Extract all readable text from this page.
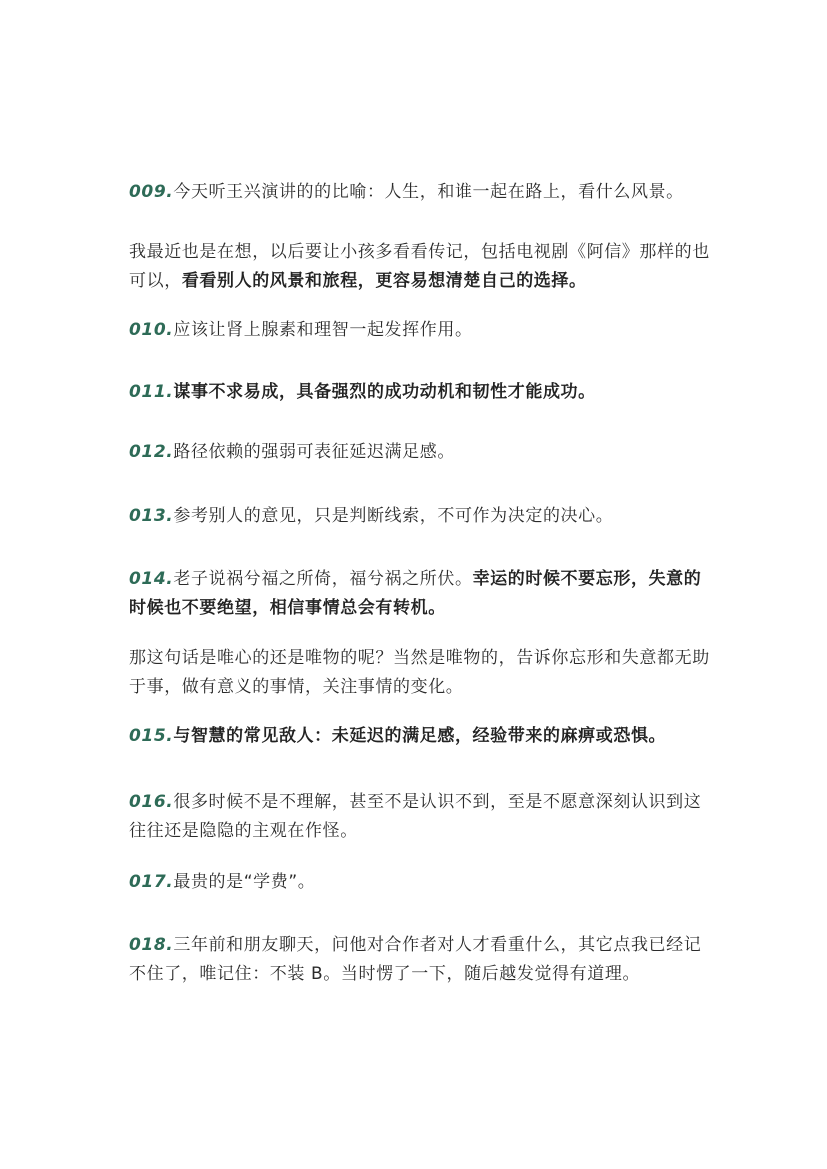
009.今天听王兴演讲的的比喻：人生，和谁一起在路上，看什么风景。

我最近也是在想，以后要让小孩多看看传记，包括电视剧《阿信》那样的也可以，看看别人的风景和旅程，更容易想清楚自己的选择。

010.应该让肾上腺素和理智一起发挥作用。

011.谋事不求易成，具备强烈的成功动机和韧性才能成功。

012.路径依赖的强弱可表征延迟满足感。

013.参考别人的意见，只是判断线索，不可作为决定的决心。

014.老子说祸兮福之所倚，福兮祸之所伏。幸运的时候不要忘形，失意的时候也不要绝望，相信事情总会有转机。

那这句话是唯心的还是唯物的呢？当然是唯物的，告诉你忘形和失意都无助于事，做有意义的事情，关注事情的变化。

015.与智慧的常见敌人：未延迟的满足感，经验带来的麻痹或恐惧。

016.很多时候不是不理解，甚至不是认识不到，至是不愿意深刻认识到这往往还是隐隐的主观在作怪。

017.最贵的是“学费”。

018.三年前和朋友聊天，问他对合作者对人才看重什么，其它点我已经记不住了，唯记住：不装 B。当时愣了一下，随后越发觉得有道理。
